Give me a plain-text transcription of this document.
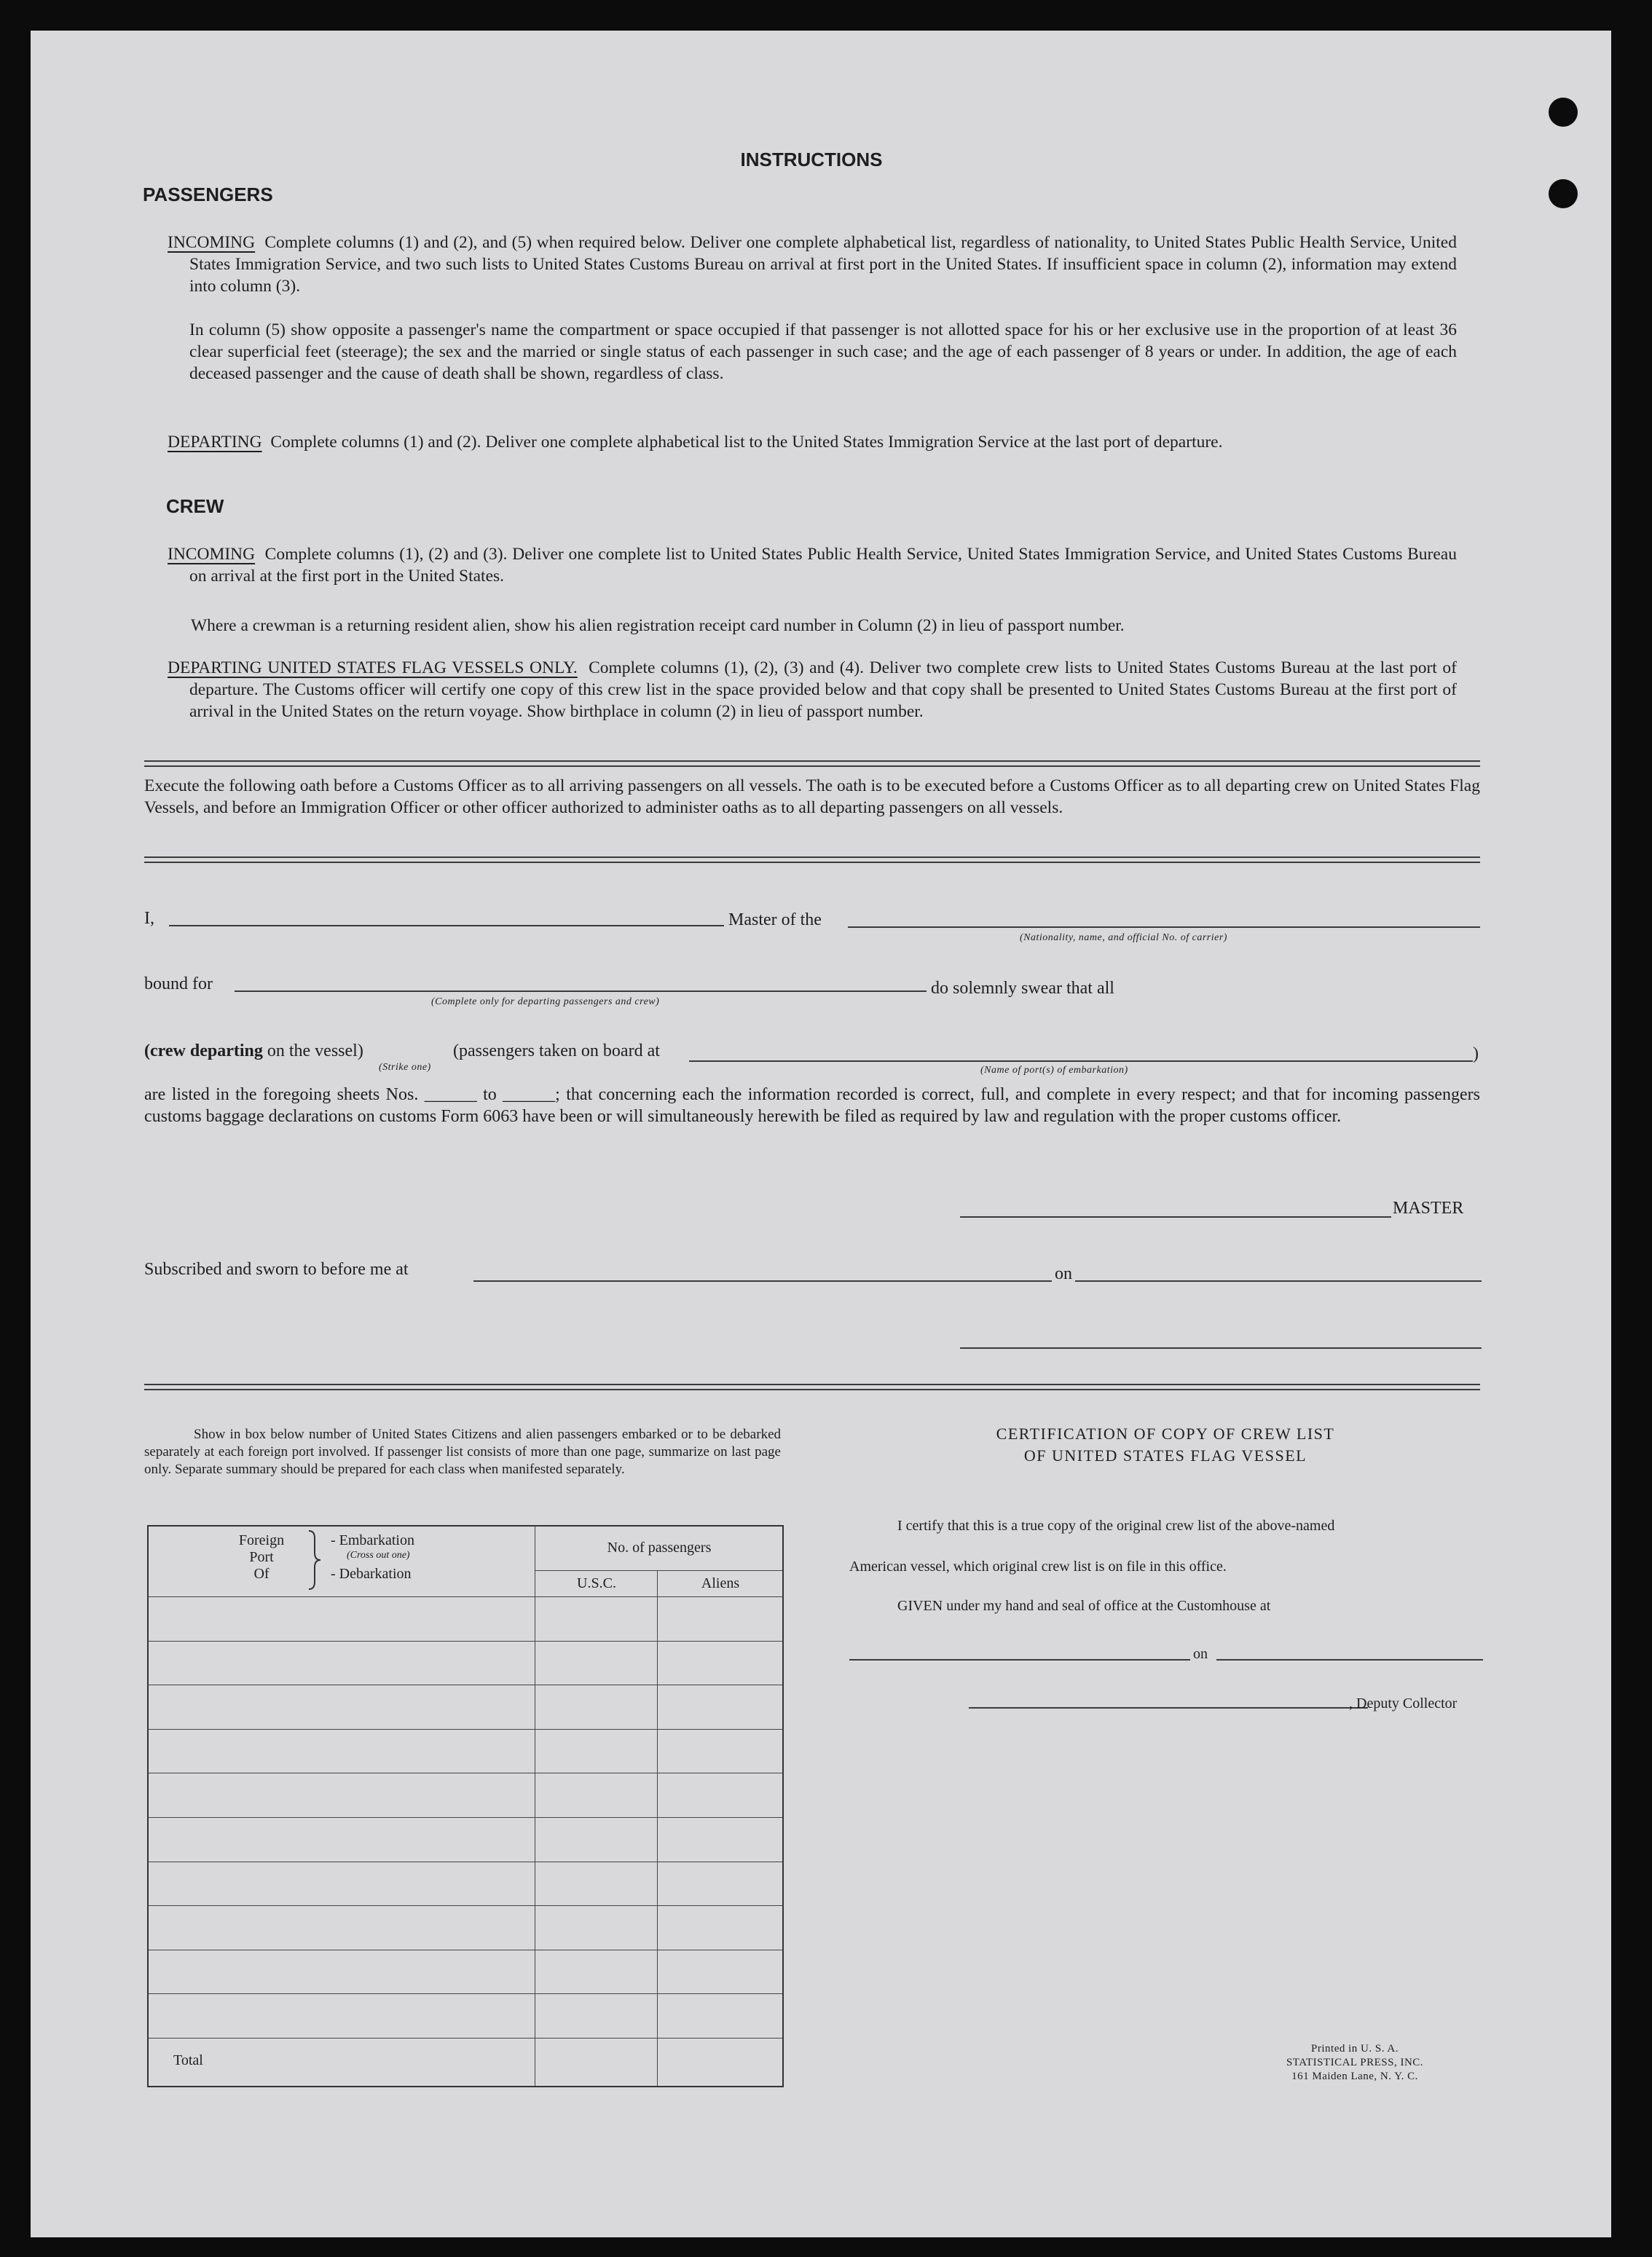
INSTRUCTIONS
PASSENGERS

INCOMING Complete columns (1) and (2), and (5) when required below. Deliver one complete alphabetical list, regardless of nationality, to United States Public Health Service, United States Immigration Service, and two such lists to United States Customs Bureau on arrival at first port in the United States. If insufficient space in column (2), information may extend into column (3).

In column (5) show opposite a passenger's name the compartment or space occupied if that passenger is not allotted space for his or her exclusive use in the proportion of at least 36 clear superficial feet (steerage); the sex and the married or single status of each passenger in such case; and the age of each passenger of 8 years or under. In addition, the age of each deceased passenger and the cause of death shall be shown, regardless of class.

DEPARTING Complete columns (1) and (2). Deliver one complete alphabetical list to the United States Immigration Service at the last port of departure.

CREW

INCOMING Complete columns (1), (2) and (3). Deliver one complete list to United States Public Health Service, United States Immigration Service, and United States Customs Bureau on arrival at the first port in the United States.

Where a crewman is a returning resident alien, show his alien registration receipt card number in Column (2) in lieu of passport number.

DEPARTING UNITED STATES FLAG VESSELS ONLY. Complete columns (1), (2), (3) and (4). Deliver two complete crew lists to United States Customs Bureau at the last port of departure. The Customs officer will certify one copy of this crew list in the space provided below and that copy shall be presented to United States Customs Bureau at the first port of arrival in the United States on the return voyage. Show birthplace in column (2) in lieu of passport number.

Execute the following oath before a Customs Officer as to all arriving passengers on all vessels. The oath is to be executed before a Customs Officer as to all departing crew on United States Flag Vessels, and before an Immigration Officer or other officer authorized to administer oaths as to all departing passengers on all vessels.

I,	Master of the
(Nationality, name, and official No. of carrier)
bound for
(Complete only for departing passengers and crew)
do solemnly swear that all
(crew departing on the vessel)
(Strike one)
(passengers taken on board at	)
(Name of port(s) of embarkation)

are listed in the foregoing sheets Nos. ______ to ______; that concerning each the information recorded is correct, full, and complete in every respect; and that for incoming passengers customs baggage declarations on customs Form 6063 have been or will simultaneously herewith be filed as required by law and regulation with the proper customs officer.

MASTER
Subscribed and sworn to before me at	on

Show in box below number of United States Citizens and alien passengers embarked or to be debarked separately at each foreign port involved. If passenger list consists of more than one page, summarize on last page only. Separate summary should be prepared for each class when manifested separately.

Foreign
Port
Of
- Embarkation
(Cross out one)
- Debarkation
No. of passengers
U.S.C.	Aliens
Total
CERTIFICATION OF COPY OF CREW LIST
OF UNITED STATES FLAG VESSEL
I certify that this is a true copy of the original crew list of the above-named
American vessel, which original crew list is on file in this office.
GIVEN under my hand and seal of office at the Customhouse at
on
, Deputy Collector
Printed in U. S. A.
STATISTICAL PRESS, INC.
161 Maiden Lane, N. Y. C.
